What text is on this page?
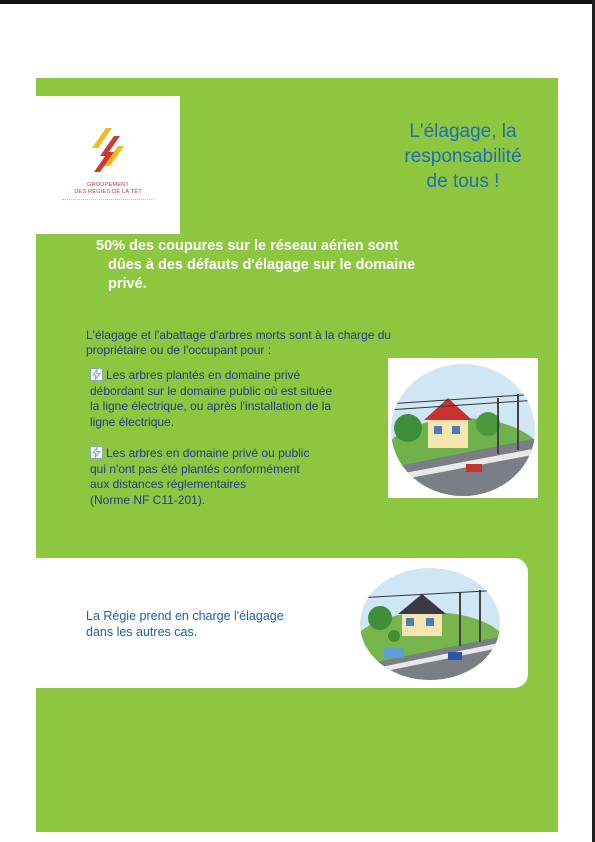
GROUPEMENT
DES RÉGIES DE LA TÊT
L'élagage, la
responsabilité
de tous !
50% des coupures sur le réseau aérien sont
dûes à des défauts d'élagage sur le domaine
privé.
L'élagage et l'abattage d'arbres morts sont à la charge du
propriétaire ou de l'occupant pour :
Les arbres plantés en domaine privé
débordant sur le domaine public où est située
la ligne électrique, ou après l'installation de la
ligne électrique.
Les arbres en domaine privé ou public
qui n'ont pas été plantés conformément
aux distances réglementaires
(Norme NF C11-201).
La Régie prend en charge l'élagage
dans les autres cas.
